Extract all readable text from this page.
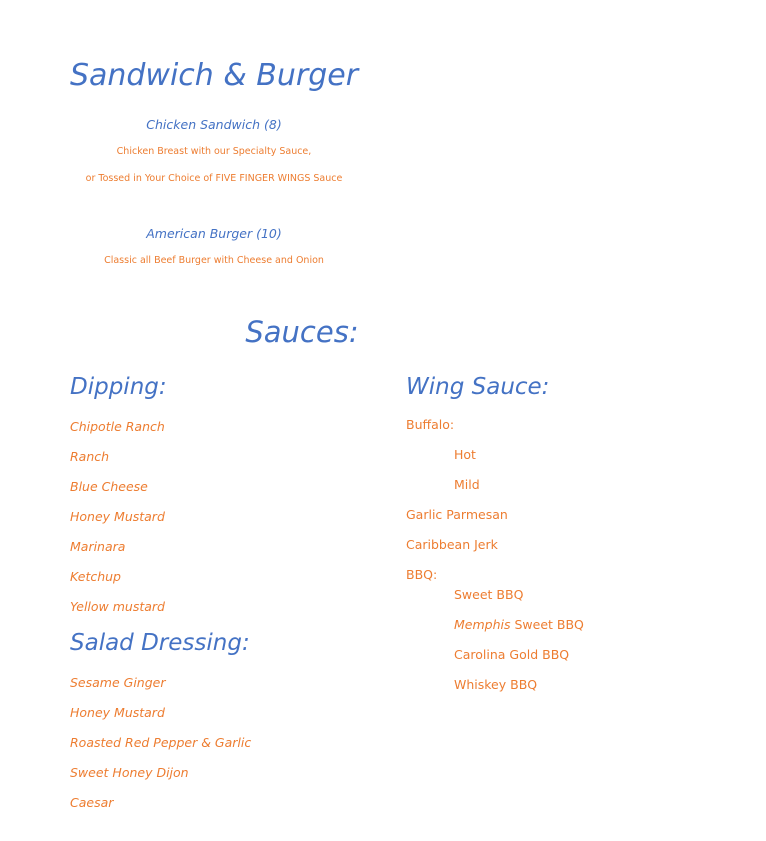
Sandwich & Burger
Chicken Sandwich (8)
Chicken Breast with our Specialty Sauce,
or Tossed in Your Choice of FIVE FINGER WINGS Sauce
American Burger (10)
Classic all Beef Burger with Cheese and Onion
Sauces:
Dipping:
Chipotle Ranch
Ranch
Blue Cheese
Honey Mustard
Marinara
Ketchup
Yellow mustard
Salad Dressing:
Sesame Ginger
Honey Mustard
Roasted Red Pepper & Garlic
Sweet Honey Dijon
Caesar
Wing Sauce:
Buffalo:
Hot
Mild
Garlic Parmesan
Caribbean Jerk
BBQ:
Sweet BBQ
Memphis Sweet BBQ
Carolina Gold BBQ
Whiskey BBQ
